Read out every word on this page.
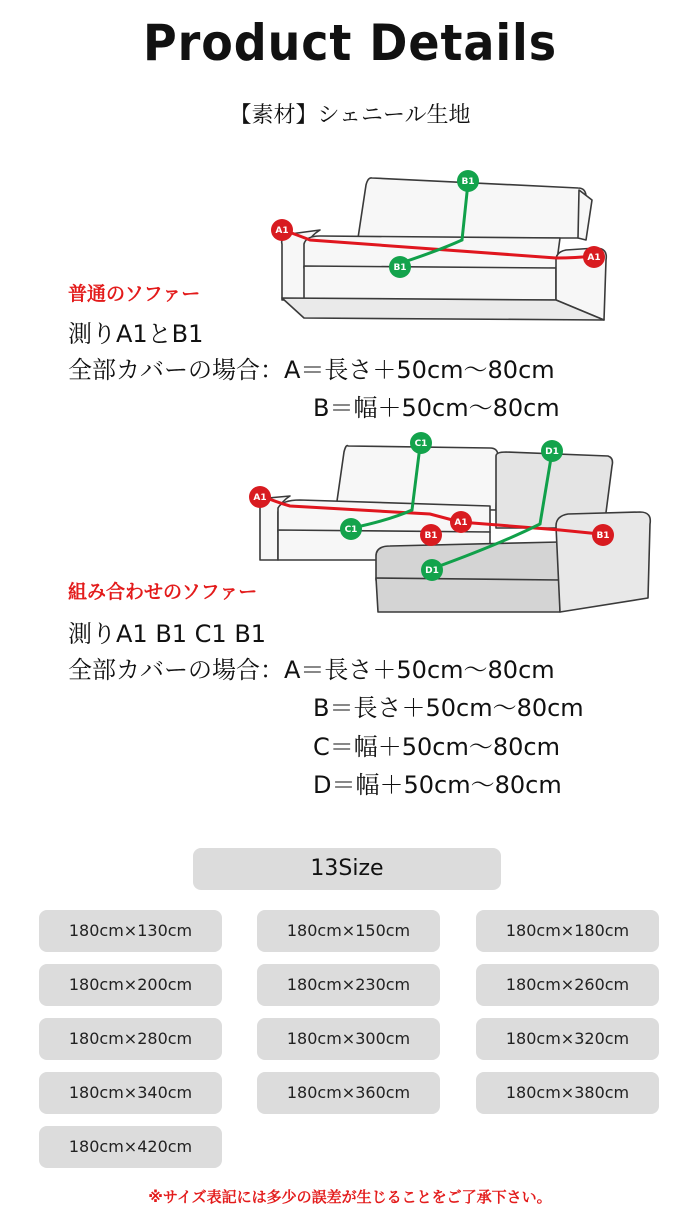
Product Details
【素材】シェニール生地
A1
A1
B1
B1
A1
A1
B1	B1
C1
C1
D1
D1
普通のソファー
測りA1とB1
全部カバーの場合：A＝長さ＋50cm～80cm
B＝幅＋50cm～80cm
組み合わせのソファー
測りA1 B1 C1 B1
全部カバーの場合：A＝長さ＋50cm～80cm
B＝長さ＋50cm～80cm
C＝幅＋50cm～80cm
D＝幅＋50cm～80cm
13Size
180cm×130cm	180cm×150cm	180cm×180cm
180cm×200cm	180cm×230cm	180cm×260cm
180cm×280cm	180cm×300cm	180cm×320cm
180cm×340cm	180cm×360cm	180cm×380cm
180cm×420cm
※サイズ表記には多少の誤差が生じることをご了承下さい。
